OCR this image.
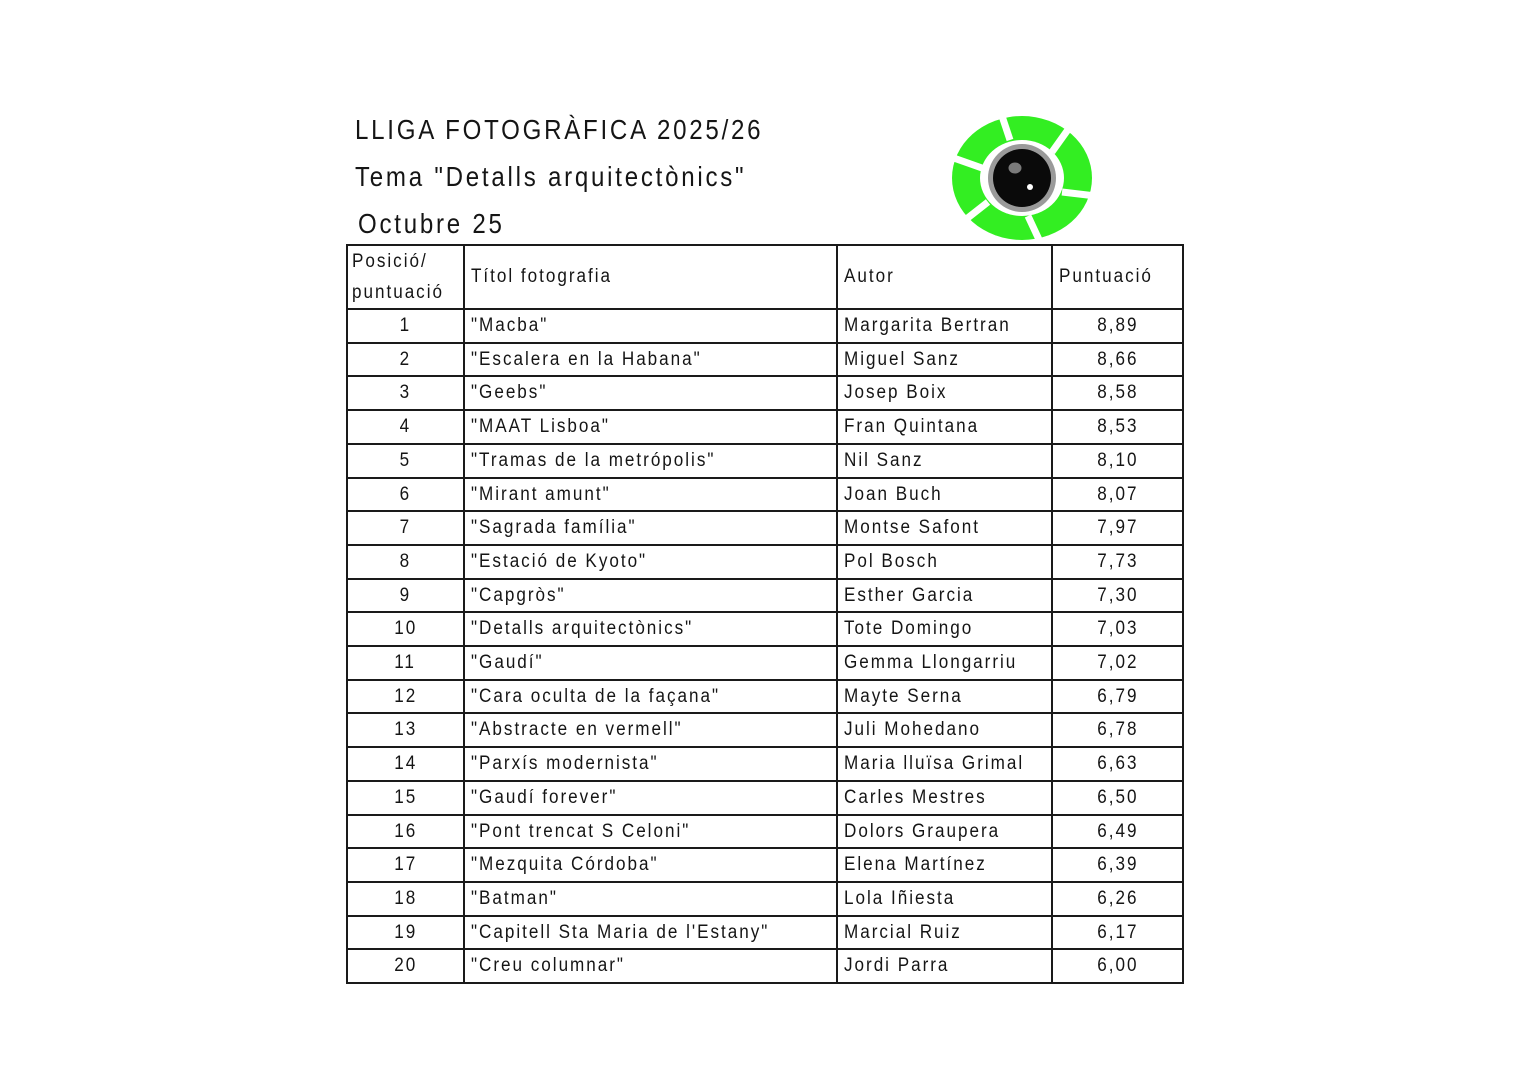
LLIGA FOTOGRÀFICA 2025/26
Tema "Detalls arquitectònics"
Octubre 25
Posició/
puntuació	Títol fotografia	Autor	Puntuació
1	"Macba"	Margarita Bertran	8,89
2	"Escalera en la Habana"	Miguel Sanz	8,66
3	"Geebs"	Josep Boix	8,58
4	"MAAT Lisboa"	Fran Quintana	8,53
5	"Tramas de la metrópolis"	Nil Sanz	8,10
6	"Mirant amunt"	Joan Buch	8,07
7	"Sagrada família"	Montse Safont	7,97
8	"Estació de Kyoto"	Pol Bosch	7,73
9	"Capgròs"	Esther Garcia	7,30
10	"Detalls arquitectònics"	Tote Domingo	7,03
11	"Gaudí"	Gemma Llongarriu	7,02
12	"Cara oculta de la façana"	Mayte Serna	6,79
13	"Abstracte en vermell"	Juli Mohedano	6,78
14	"Parxís modernista"	Maria lluïsa Grimal	6,63
15	"Gaudí forever"	Carles Mestres	6,50
16	"Pont trencat S Celoni"	Dolors Graupera	6,49
17	"Mezquita Córdoba"	Elena Martínez	6,39
18	"Batman"	Lola Iñiesta	6,26
19	"Capitell Sta Maria de l'Estany"	Marcial Ruiz	6,17
20	"Creu columnar"	Jordi Parra	6,00
